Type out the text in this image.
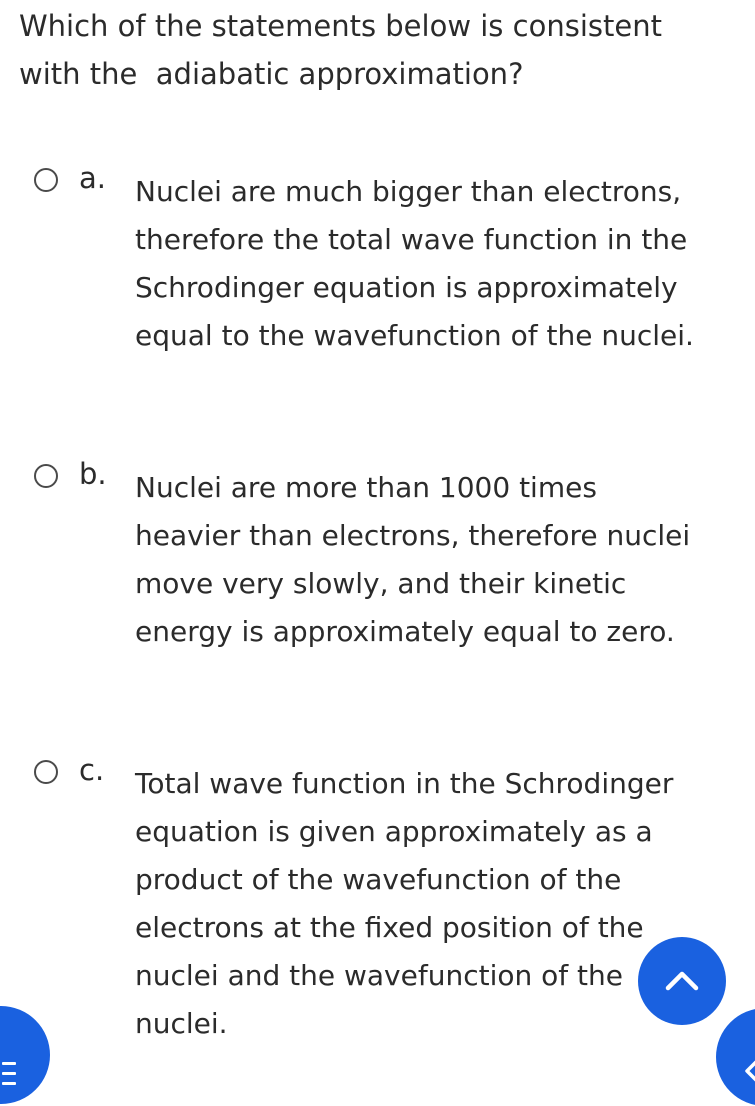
Which of the statements below is consistent
with the  adiabatic approximation?
a. Nuclei are much bigger than electrons,
therefore the total wave function in the
Schrodinger equation is approximately
equal to the wavefunction of the nuclei.
b. Nuclei are more than 1000 times
heavier than electrons, therefore nuclei
move very slowly, and their kinetic
energy is approximately equal to zero.
c. Total wave function in the Schrodinger
equation is given approximately as a
product of the wavefunction of the
electrons at the fixed position of the
nuclei and the wavefunction of the
nuclei.
